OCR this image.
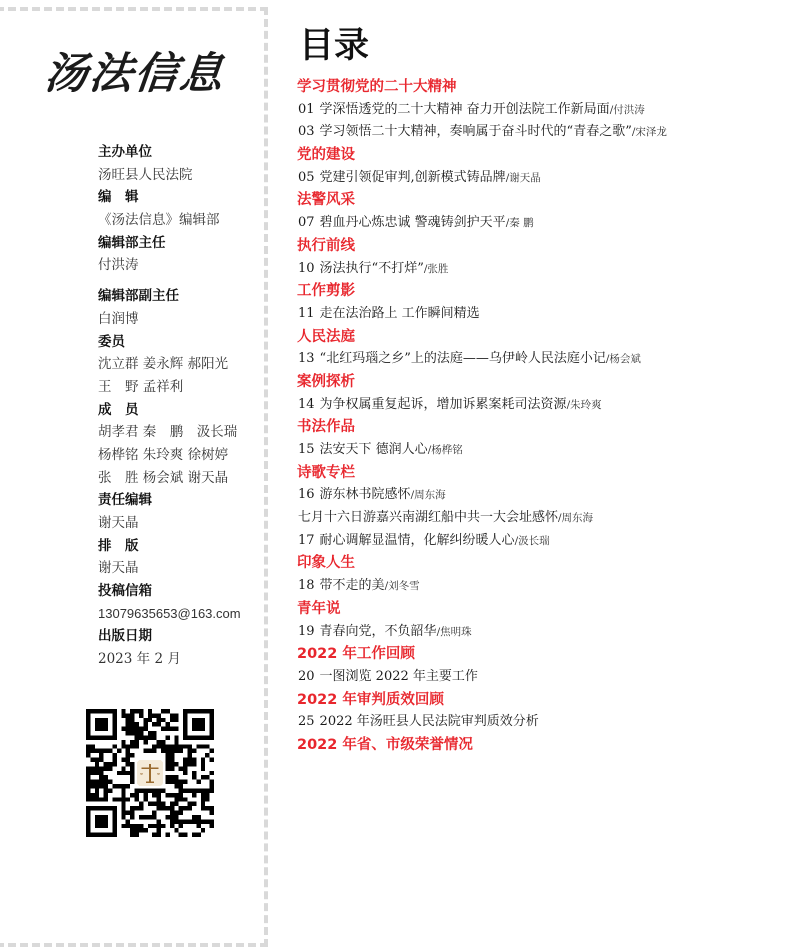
汤法信息
主办单位
汤旺县人民法院
编　辑
《汤法信息》编辑部
编辑部主任
付洪涛
编辑部副主任
白润博
委员
沈立群 姜永辉 郝阳光
王　野 孟祥利
成　员
胡孝君 秦　鹏　汲长瑞
杨桦铭 朱玲爽 徐树婷
张　胜 杨会斌 谢天晶
责任编辑
谢天晶
排　版
谢天晶
投稿信箱
13079635653@163.com
出版日期
2023 年 2 月
目录
学习贯彻党的二十大精神
01 学深悟透党的二十大精神 奋力开创法院工作新局面/付洪涛
03 学习领悟二十大精神，奏响属于奋斗时代的“青春之歌”/宋泽龙
党的建设
05 党建引领促审判,创新模式铸品牌/谢天晶
法警风采
07 碧血丹心炼忠诚 警魂铸剑护天平/秦 鹏
执行前线
10 汤法执行“不打烊”/张胜
工作剪影
11 走在法治路上 工作瞬间精选
人民法庭
13 “北红玛瑙之乡”上的法庭——乌伊岭人民法庭小记/杨会斌
案例探析
14 为争权属重复起诉，增加诉累案耗司法资源/朱玲爽
书法作品
15 法安天下 德润人心/杨桦铭
诗歌专栏
16 游东林书院感怀/周东海
七月十六日游嘉兴南湖红船中共一大会址感怀/周东海
17 耐心调解显温情，化解纠纷暖人心/汲长瑞
印象人生
18 带不走的美/刘冬雪
青年说
19 青春向党，不负韶华/焦明珠
2022 年工作回顾
20 一图浏览 2022 年主要工作
2022 年审判质效回顾
25 2022 年汤旺县人民法院审判质效分析
2022 年省、市级荣誉情况
